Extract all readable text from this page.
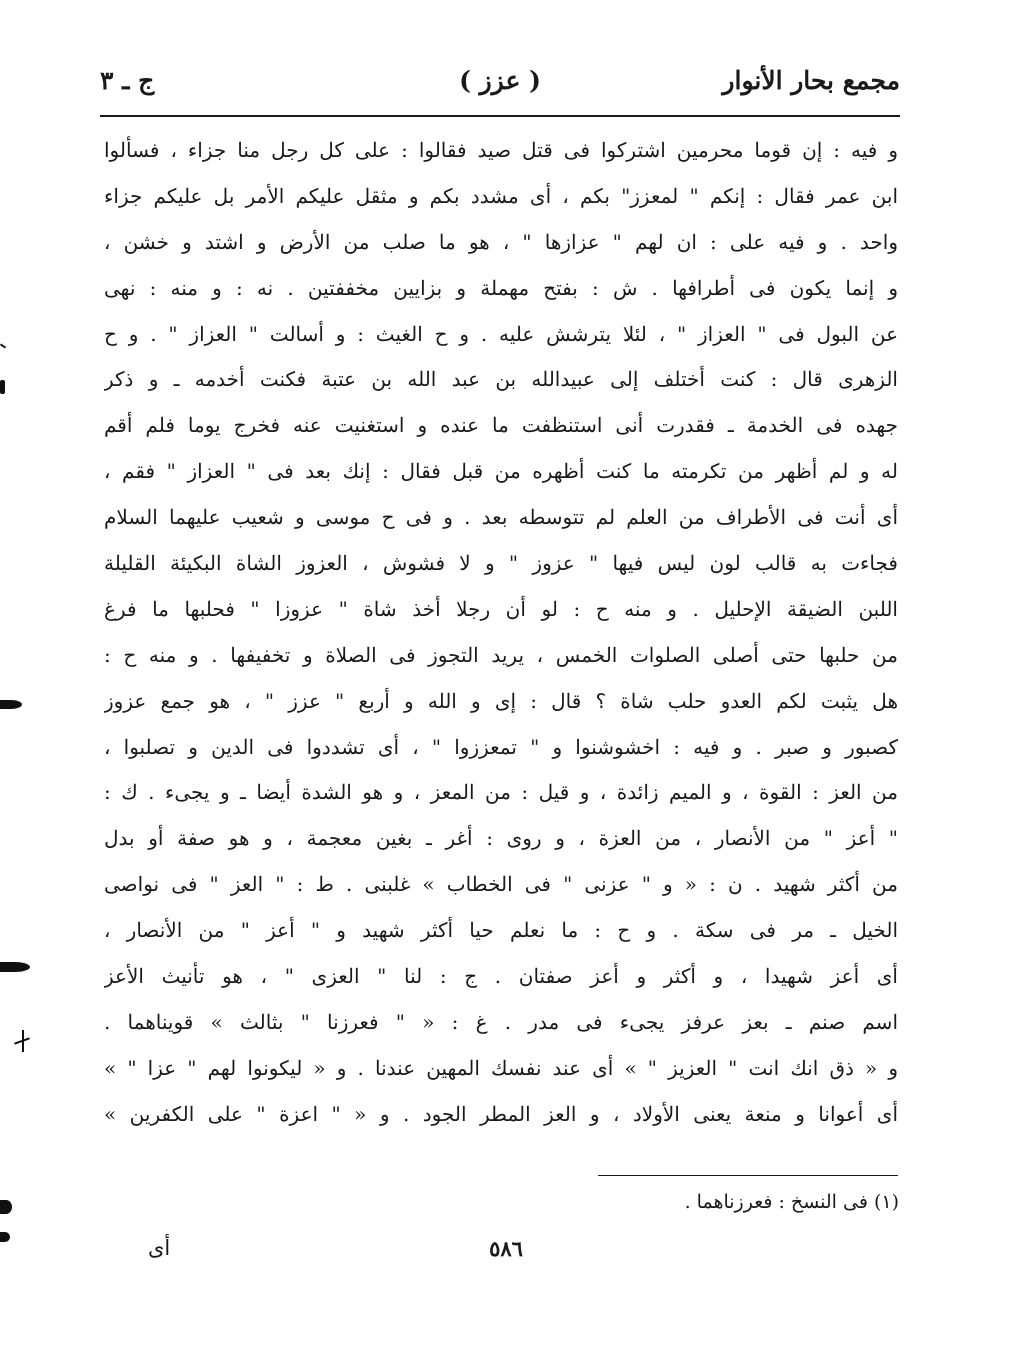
مجمع بحار الأنوار
( عزز )
ج ـ ٣
و فيه : إن قوما محرمين اشتركوا فى قتل صيد فقالوا : على كل رجل منا جزاء ، فسألوا
ابن عمر فقال : إنكم " لمعزز" بكم ، أى مشدد بكم و مثقل عليكم الأمر بل عليكم جزاء
واحد . و فيه على : ان لهم " عزازها " ، هو ما صلب من الأرض و اشتد و خشن ،
و إنما يكون فى أطرافها . ش : بفتح مهملة و بزايين مخففتين . نه : و منه : نهى
عن البول فى " العزاز " ، لئلا يترشش عليه . و ح الغيث : و أسالت " العزاز " . و ح
الزهرى قال : كنت أختلف إلى عبيدالله بن عبد الله بن عتبة فكنت أخدمه ـ و ذكر
جهده فى الخدمة ـ فقدرت أنى استنظفت ما عنده و استغنيت عنه فخرج يوما فلم أقم
له و لم أظهر من تكرمته ما كنت أظهره من قبل فقال : إنك بعد فى " العزاز " فقم ،
أى أنت فى الأطراف من العلم لم تتوسطه بعد . و فى ح موسى و شعيب عليهما السلام
فجاءت به قالب لون ليس فيها " عزوز " و لا فشوش ، العزوز الشاة البكيئة القليلة
اللبن الضيقة الإحليل . و منه ح : لو أن رجلا أخذ شاة " عزوزا " فحلبها ما فرغ
من حلبها حتى أصلى الصلوات الخمس ، يريد التجوز فى الصلاة و تخفيفها . و منه ح :
هل يثبت لكم العدو حلب شاة ؟ قال : إى و الله و أربع " عزز " ، هو جمع عزوز
كصبور و صبر . و فيه : اخشوشنوا و " تمعززوا " ، أى تشددوا فى الدين و تصلبوا ،
من العز : القوة ، و الميم زائدة ، و قيل : من المعز ، و هو الشدة أيضا ـ و يجىء . ك :
" أعز " من الأنصار ، من العزة ، و روى : أغر ـ بغين معجمة ، و هو صفة أو بدل
من أكثر شهيد . ن : « و " عزنى " فى الخطاب » غلبنى . ط : " العز " فى نواصى
الخيل ـ مر فى سكة . و ح : ما نعلم حيا أكثر شهيد و " أعز " من الأنصار ،
أى أعز شهيدا ، و أكثر و أعز صفتان . ج : لنا " العزى " ، هو تأنيث الأعز
اسم صنم ـ بعز عرفز يجىء فى مدر . غ : « " فعرزنا " بثالث » قويناهما .
و « ذق انك انت " العزيز " » أى عند نفسك المهين عندنا . و « ليكونوا لهم " عزا " »
أى أعوانا و منعة يعنى الأولاد ، و العز المطر الجود . و « " اعزة " على الكفرين »
(١) فى النسخ : فعرزناهما .
٥٨٦
أى
